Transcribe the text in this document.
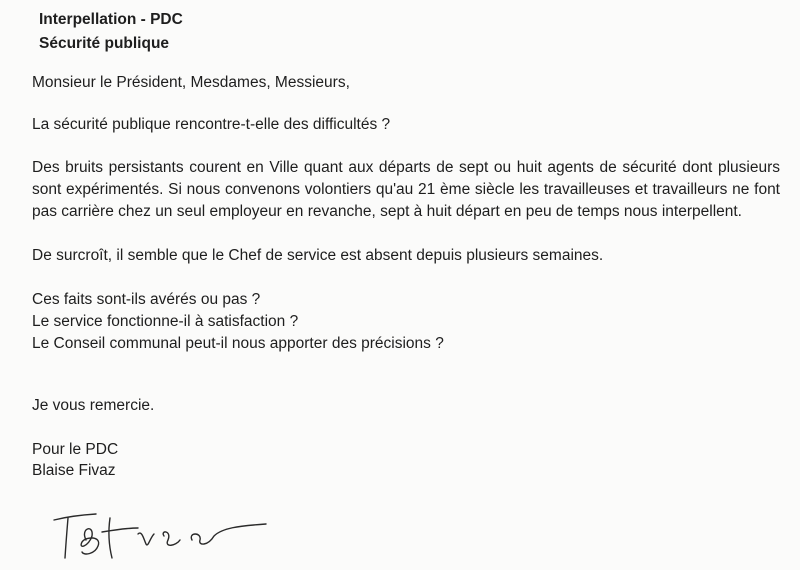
Interpellation - PDC
Sécurité publique
Monsieur le Président, Mesdames, Messieurs,
La sécurité publique rencontre-t-elle des difficultés ?
Des bruits persistants courent en Ville quant aux départs de sept ou huit agents de sécurité dont plusieurs sont expérimentés. Si nous convenons volontiers qu'au 21 ème siècle les travailleuses et travailleurs ne font pas carrière chez un seul employeur en revanche, sept à huit départ en peu de temps nous interpellent.
De surcroît, il semble que le Chef de service est absent depuis plusieurs semaines.
Ces faits sont-ils avérés ou pas ?
Le service fonctionne-il à satisfaction ?
Le Conseil communal peut-il nous apporter des précisions ?
Je vous remercie.
Pour le PDC
Blaise Fivaz
